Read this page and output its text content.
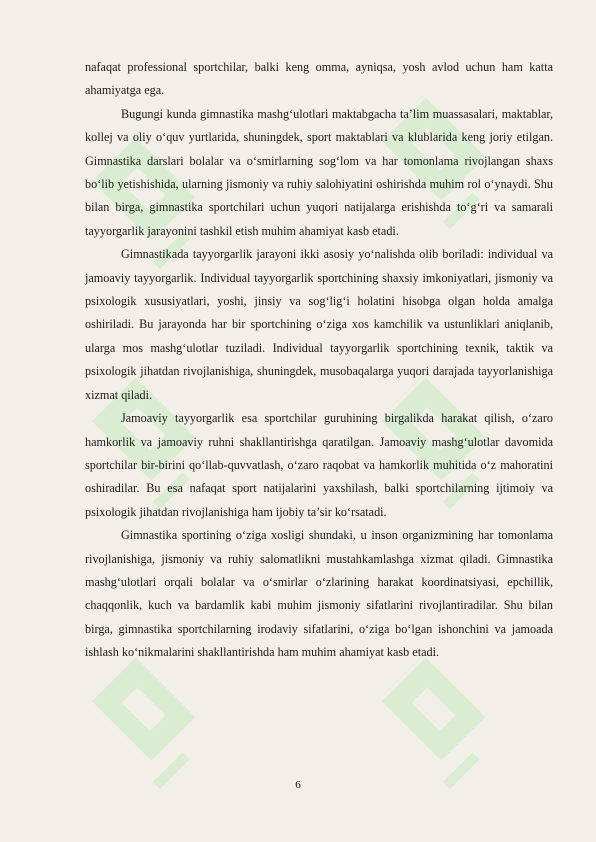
nafaqat professional sportchilar, balki keng omma, ayniqsa, yosh avlod uchun ham katta ahamiyatga ega.

Bugungi kunda gimnastika mashg‘ulotlari maktabgacha ta’lim muassasalari, maktablar, kollej va oliy o‘quv yurtlarida, shuningdek, sport maktablari va klublarida keng joriy etilgan. Gimnastika darslari bolalar va o‘smirlarning sog‘lom va har tomonlama rivojlangan shaxs bo‘lib yetishishida, ularning jismoniy va ruhiy salohiyatini oshirishda muhim rol o‘ynaydi. Shu bilan birga, gimnastika sportchilari uchun yuqori natijalarga erishishda to‘g‘ri va samarali tayyorgarlik jarayonini tashkil etish muhim ahamiyat kasb etadi.

Gimnastikada tayyorgarlik jarayoni ikki asosiy yo‘nalishda olib boriladi: individual va jamoaviy tayyorgarlik. Individual tayyorgarlik sportchining shaxsiy imkoniyatlari, jismoniy va psixologik xususiyatlari, yoshi, jinsiy va sog‘lig‘i holatini hisobga olgan holda amalga oshiriladi. Bu jarayonda har bir sportchining o‘ziga xos kamchilik va ustunliklari aniqlanib, ularga mos mashg‘ulotlar tuziladi. Individual tayyorgarlik sportchining texnik, taktik va psixologik jihatdan rivojlanishiga, shuningdek, musobaqalarga yuqori darajada tayyorlanishiga xizmat qiladi.

Jamoaviy tayyorgarlik esa sportchilar guruhining birgalikda harakat qilish, o‘zaro hamkorlik va jamoaviy ruhni shakllantirishga qaratilgan. Jamoaviy mashg‘ulotlar davomida sportchilar bir-birini qo‘llab-quvvatlash, o‘zaro raqobat va hamkorlik muhitida o‘z mahoratini oshiradilar. Bu esa nafaqat sport natijalarini yaxshilash, balki sportchilarning ijtimoiy va psixologik jihatdan rivojlanishiga ham ijobiy ta’sir ko‘rsatadi.

Gimnastika sportining o‘ziga xosligi shundaki, u inson organizmining har tomonlama rivojlanishiga, jismoniy va ruhiy salomatlikni mustahkamlashga xizmat qiladi. Gimnastika mashg‘ulotlari orqali bolalar va o‘smirlar o‘zlarining harakat koordinatsiyasi, epchillik, chaqqonlik, kuch va bardamlik kabi muhim jismoniy sifatlarini rivojlantiradilar. Shu bilan birga, gimnastika sportchilarning irodaviy sifatlarini, o‘ziga bo‘lgan ishonchini va jamoada ishlash ko‘nikmalarini shakllantirishda ham muhim ahamiyat kasb etadi.

6
